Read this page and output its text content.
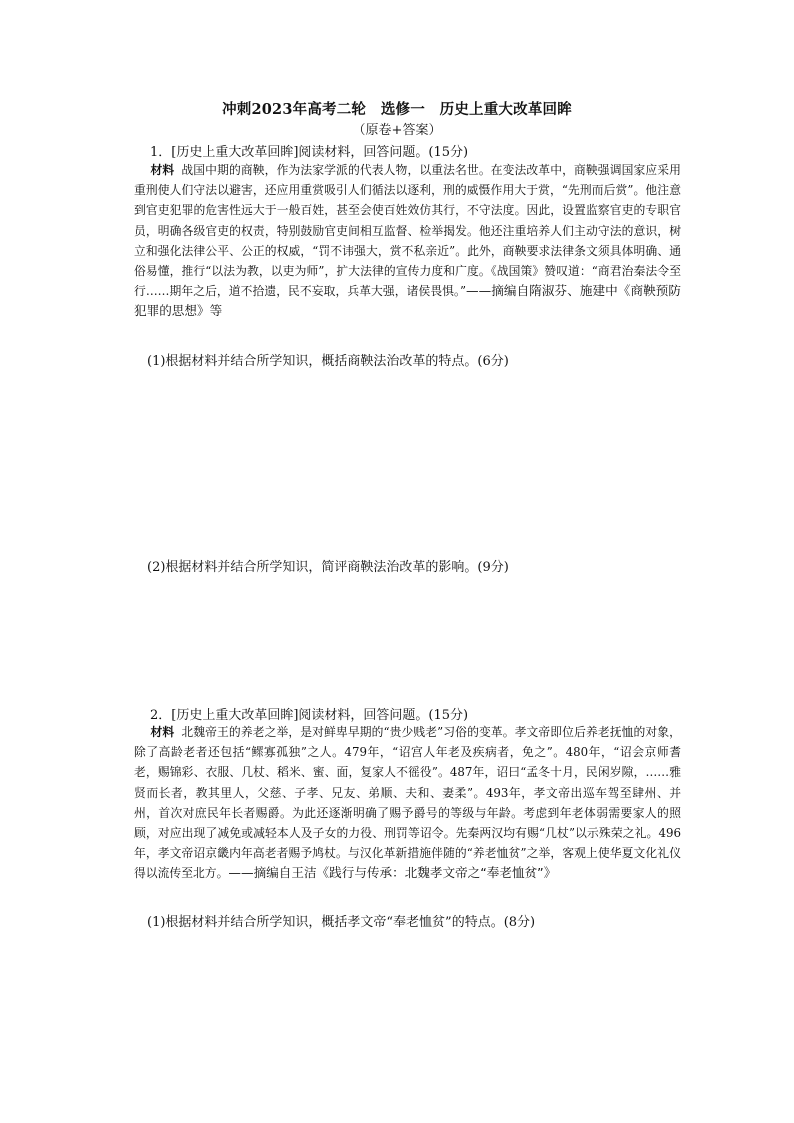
冲刺2023年高考二轮　选修一　历史上重大改革回眸
（原卷+答案）
1．[历史上重大改革回眸]阅读材料，回答问题。(15分)

材料 战国中期的商鞅，作为法家学派的代表人物，以重法名世。在变法改革中，商鞅强调国家应采用重刑使人们守法以避害，还应用重赏吸引人们循法以逐利，刑的威慑作用大于赏，“先刑而后赏”。他注意到官吏犯罪的危害性远大于一般百姓，甚至会使百姓效仿其行，不守法度。因此，设置监察官吏的专职官员，明确各级官吏的权责，特别鼓励官吏间相互监督、检举揭发。他还注重培养人们主动守法的意识，树立和强化法律公平、公正的权威，“罚不讳强大，赏不私亲近”。此外，商鞅要求法律条文须具体明确、通俗易懂，推行“以法为教，以吏为师”，扩大法律的宣传力度和广度。《战国策》赞叹道：“商君治秦法令至行……期年之后，道不拾遗，民不妄取，兵革大强，诸侯畏惧。”——摘编自隋淑芬、施建中《商鞅预防犯罪的思想》等

(1)根据材料并结合所学知识，概括商鞅法治改革的特点。(6分)
(2)根据材料并结合所学知识，简评商鞅法治改革的影响。(9分)
2．[历史上重大改革回眸]阅读材料，回答问题。(15分)

材料 北魏帝王的养老之举，是对鲜卑早期的“贵少贱老”习俗的变革。孝文帝即位后养老抚恤的对象，除了高龄老者还包括“鳏寡孤独”之人。479年，“诏宫人年老及疾病者，免之”。480年，“诏会京师耆老，赐锦彩、衣服、几杖、稻米、蜜、面，复家人不徭役”。487年，诏曰“孟冬十月，民闲岁隙，……雅贤而长者，教其里人，父慈、子孝、兄友、弟顺、夫和、妻柔”。493年，孝文帝出巡车驾至肆州、并州，首次对庶民年长者赐爵。为此还逐渐明确了赐予爵号的等级与年龄。考虑到年老体弱需要家人的照顾，对应出现了减免或减轻本人及子女的力役、刑罚等诏令。先秦两汉均有赐“几杖”以示殊荣之礼。496年，孝文帝诏京畿内年高老者赐予鸠杖。与汉化革新措施伴随的“养老恤贫”之举，客观上使华夏文化礼仪得以流传至北方。——摘编自王洁《践行与传承：北魏孝文帝之“奉老恤贫”》

(1)根据材料并结合所学知识，概括孝文帝“奉老恤贫”的特点。(8分)
